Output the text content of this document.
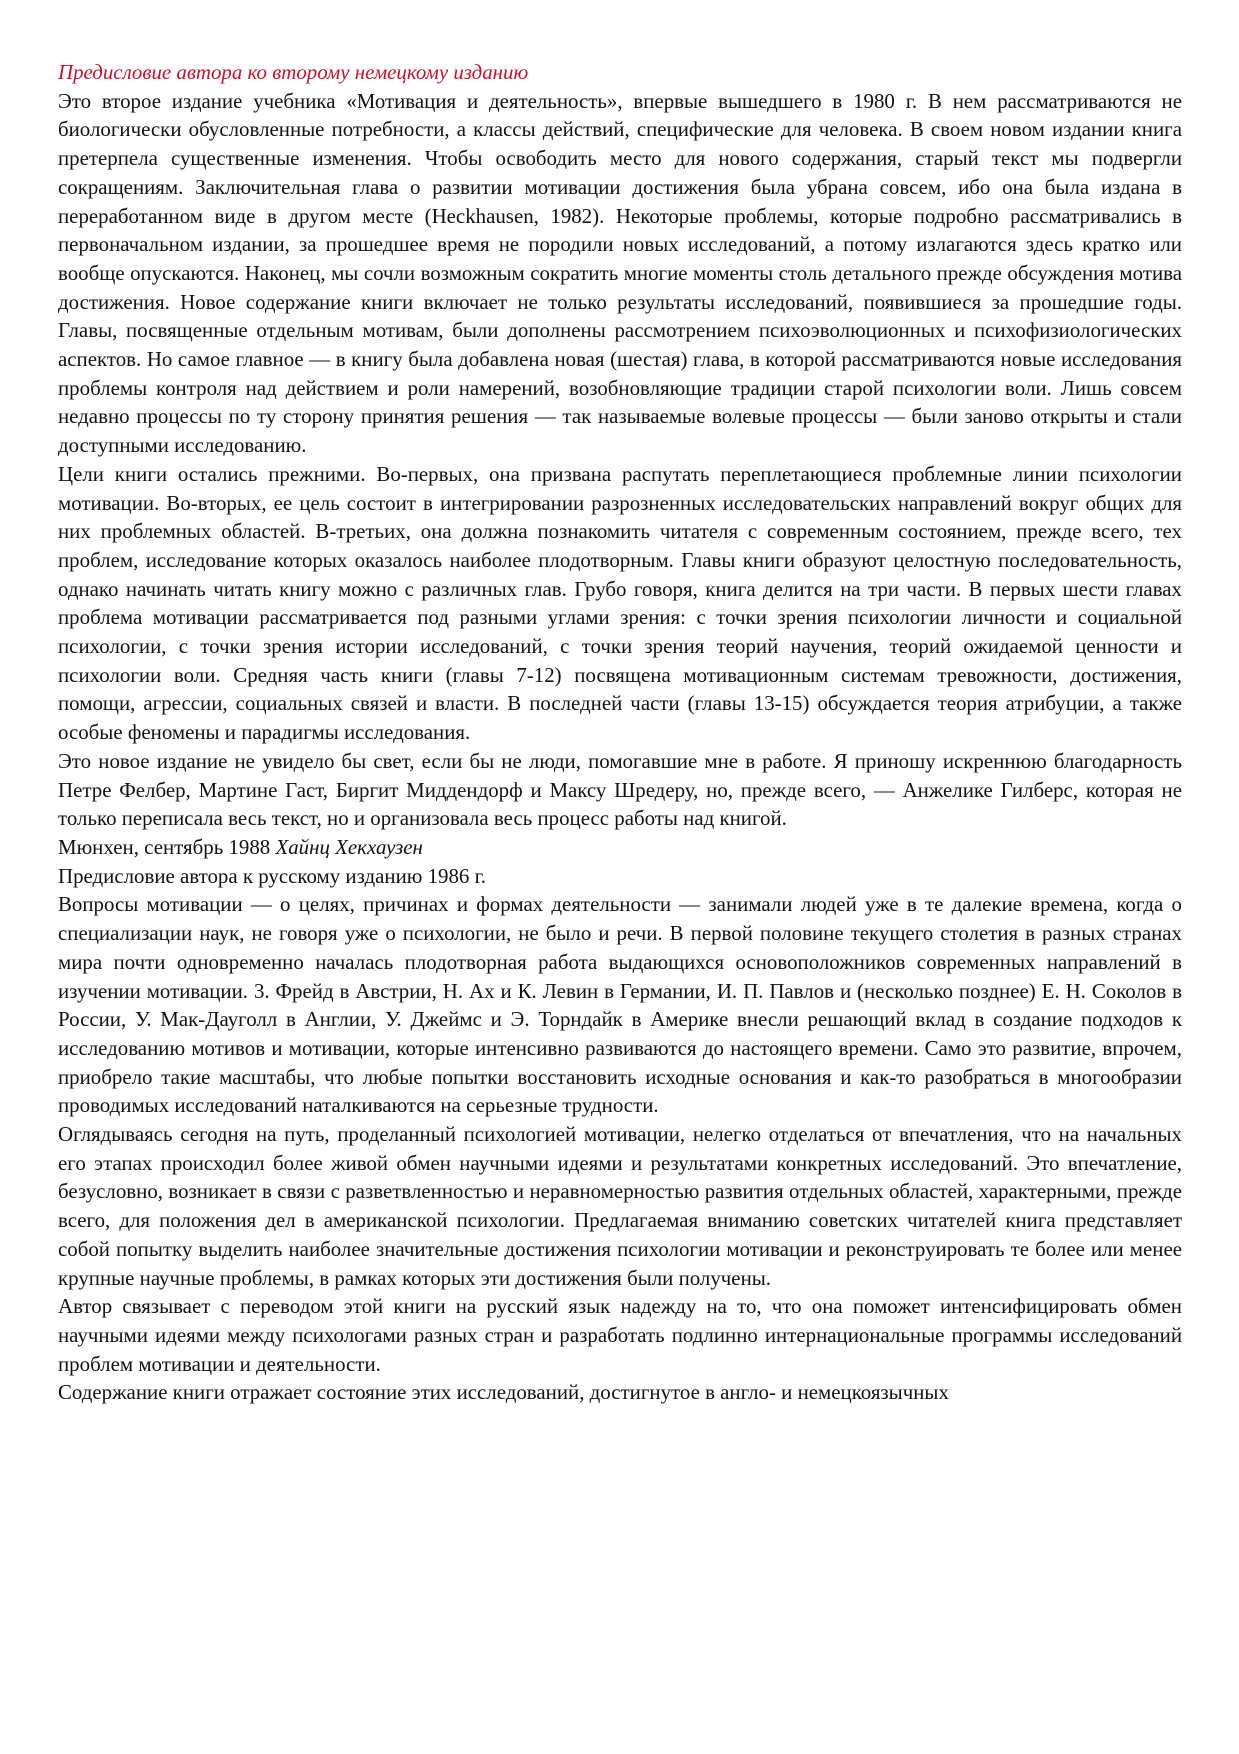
Предисловие автора ко второму немецкому изданию

Это второе издание учебника «Мотивация и деятельность», впервые вышедшего в 1980 г. В нем рассматриваются не биологически обусловленные потребности, а классы действий, специфические для человека. В своем новом издании книга претерпела существенные изменения. Чтобы освободить место для нового содержания, старый текст мы подвергли сокращениям. Заключительная глава о развитии мотивации достижения была убрана совсем, ибо она была издана в переработанном виде в другом месте (Heckhausen, 1982). Некоторые проблемы, которые подробно рассматривались в первоначальном издании, за прошедшее время не породили новых исследований, а потому излагаются здесь кратко или вообще опускаются. Наконец, мы сочли возможным сократить многие моменты столь детального прежде обсуждения мотива достижения. Новое содержание книги включает не только результаты исследований, появившиеся за прошедшие годы. Главы, посвященные отдельным мотивам, были дополнены рассмотрением психоэволюционных и психофизиологических аспектов. Но самое главное — в книгу была добавлена новая (шестая) глава, в которой рассматриваются новые исследования проблемы контроля над действием и роли намерений, возобновляющие традиции старой психологии воли. Лишь совсем недавно процессы по ту сторону принятия решения — так называемые волевые процессы — были заново открыты и стали доступными исследованию.

Цели книги остались прежними. Во-первых, она призвана распутать переплетающиеся проблемные линии психологии мотивации. Во-вторых, ее цель состоит в интегрировании разрозненных исследовательских направлений вокруг общих для них проблемных областей. В-третьих, она должна познакомить читателя с современным состоянием, прежде всего, тех проблем, исследование которых оказалось наиболее плодотворным. Главы книги образуют целостную последовательность, однако начинать читать книгу можно с различных глав. Грубо говоря, книга делится на три части. В первых шести главах проблема мотивации рассматривается под разными углами зрения: с точки зрения психологии личности и социальной психологии, с точки зрения истории исследований, с точки зрения теорий научения, теорий ожидаемой ценности и психологии воли. Средняя часть книги (главы 7-12) посвящена мотивационным системам тревожности, достижения, помощи, агрессии, социальных связей и власти. В последней части (главы 13-15) обсуждается теория атрибуции, а также особые феномены и парадигмы исследования.

Это новое издание не увидело бы свет, если бы не люди, помогавшие мне в работе. Я приношу искреннюю благодарность Петре Фелбер, Мартине Гаст, Биргит Миддендорф и Максу Шредеру, но, прежде всего, — Анжелике Гилберс, которая не только переписала весь текст, но и организовала весь процесс работы над книгой.

Мюнхен, сентябрь 1988 Хайнц Хекхаузен

Предисловие автора к русскому изданию 1986 г.

Вопросы мотивации — о целях, причинах и формах деятельности — занимали людей уже в те далекие времена, когда о специализации наук, не говоря уже о психологии, не было и речи. В первой половине текущего столетия в разных странах мира почти одновременно началась плодотворная работа выдающихся основоположников современных направлений в изучении мотивации. 3. Фрейд в Австрии, Н. Ах и К. Левин в Германии, И. П. Павлов и (несколько позднее) Е. Н. Соколов в России, У. Мак-Дауголл в Англии, У. Джеймс и Э. Торндайк в Америке внесли решающий вклад в создание подходов к исследованию мотивов и мотивации, которые интенсивно развиваются до настоящего времени. Само это развитие, впрочем, приобрело такие масштабы, что любые попытки восстановить исходные основания и как-то разобраться в многообразии проводимых исследований наталкиваются на серьезные трудности.

Оглядываясь сегодня на путь, проделанный психологией мотивации, нелегко отделаться от впечатления, что на начальных его этапах происходил более живой обмен научными идеями и результатами конкретных исследований. Это впечатление, безусловно, возникает в связи с разветвленностью и неравномерностью развития отдельных областей, характерными, прежде всего, для положения дел в американской психологии. Предлагаемая вниманию советских читателей книга представляет собой попытку выделить наиболее значительные достижения психологии мотивации и реконструировать те более или менее крупные научные проблемы, в рамках которых эти достижения были получены.

Автор связывает с переводом этой книги на русский язык надежду на то, что она поможет интенсифицировать обмен научными идеями между психологами разных стран и разработать подлинно интернациональные программы исследований проблем мотивации и деятельности.

Содержание книги отражает состояние этих исследований, достигнутое в англо- и немецкоязычных
